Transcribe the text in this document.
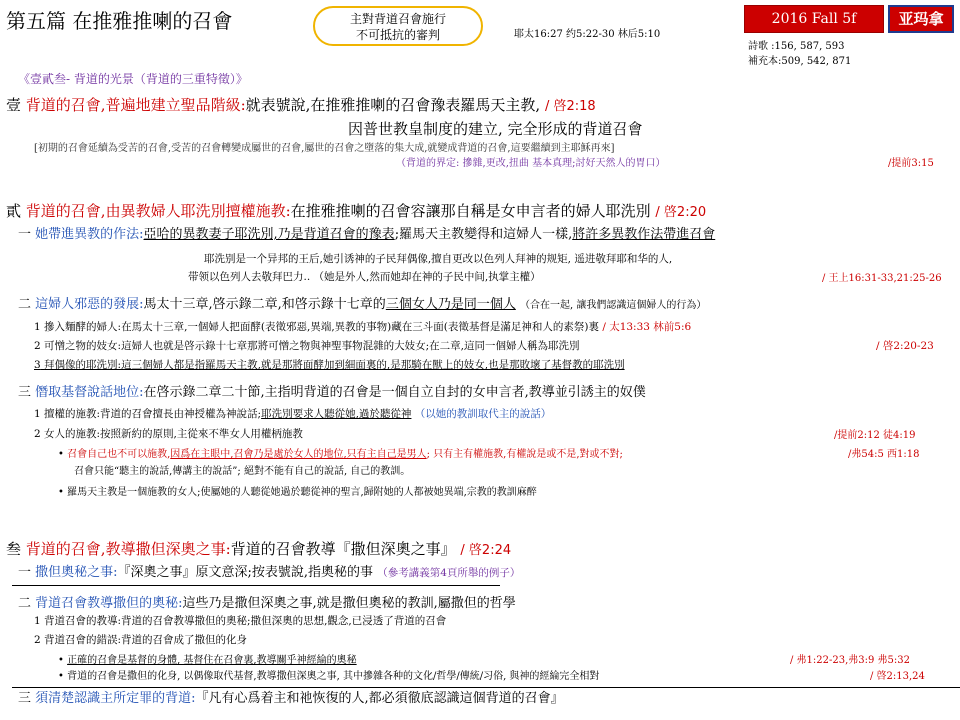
第五篇 在推雅推喇的召會	主對背道召會施行
不可抵抗的審判	耶太16:27 约5:22-30 林后5:10
2016 Fall 5f	亚玛拿
詩歌 :156, 587, 593
補充本:509, 542, 871
《壹貳叁- 背道的光景（背道的三重特徵）》
壹 背道的召會,普遍地建立聖品階級:就表號說,在推雅推喇的召會豫表羅馬天主教, / 啓2:18
因普世教皇制度的建立, 完全形成的背道召會
[初期的召會延續為受苦的召會,受苦的召會轉變成屬世的召會,屬世的召會之墮落的集大成,就變成背道的召會,這要繼續到主耶穌再來]
（背道的界定: 摻雜,更改,扭曲 基本真理;討好天然人的胃口）	/提前3:15
貳 背道的召會,由異教婦人耶洗別擅權施教:在推雅推喇的召會容讓那自稱是女申言者的婦人耶洗別 / 啓2:20
一 她帶進異教的作法:亞哈的異教妻子耶洗別,乃是背道召會的豫表;羅馬天主教變得和這婦人一樣,將許多異教作法帶進召會
耶洗别是一个异邦的王后,她引诱神的子民拜偶像,擅自更改以色列人拜神的规矩, 遥进敬拜耶和华的人,
带领以色列人去敬拜巴力.. （她是外人,然而她却在神的子民中间,执掌主權）	/ 王上16:31-33,21:25-26
二 這婦人邪惡的發展:馬太十三章,啓示錄二章,和啓示錄十七章的三個女人乃是同一個人 （合在一起, 讓我們認識這個婦人的行為）
1 摻入麵酵的婦人:在馬太十三章,一個婦人把面酵(表徵邪惡,異端,異教的事物)藏在三斗面(表徵基督是滿足神和人的素祭)裏 / 太13:33 林前5:6
2 可憎之物的妓女:這婦人也就是啓示錄十七章那將可憎之物與神聖事物混雜的大妓女;在二章,這同一個婦人稱為耶洗別	/ 啓2:20-23
3 拜偶像的耶洗別:這三個婦人都是指羅馬天主教,就是那將面酵加到細面裏的,是那騎在獸上的妓女,也是那敗壞了基督教的耶洗別
三 僭取基督說話地位:在啓示錄二章二十節,主指明背道的召會是一個自立自封的女申言者,教導並引誘主的奴僕
1 擅權的施教:背道的召會擅長由神授權為神說話;耶洗別要求人聽從她,過於聽從神 （以她的教訓取代主的說話）
2 女人的施教:按照新約的原則,主從來不準女人用權柄施教	/提前2:12 徒4:19
• 召會自己也不可以施教,因爲在主眼中,召會乃是處於女人的地位,只有主自己是男人; 只有主有權施教,有權說是或不是,對或不對;	/弗54:5 西1:18
召會只能“聽主的說話,傳講主的說話”; 絕對不能有自己的說話, 自己的教訓。
• 羅馬天主教是一個施教的女人;使屬她的人聽從她過於聽從神的聖言,歸附她的人都被她異端,宗教的教訓麻醉
叁 背道的召會,教導撒但深奧之事:背道的召會教導『撒但深奧之事』 / 啓2:24
一 撒但奧秘之事:『深奧之事』原文意深;按表號說,指奧秘的事 （參考講義第4頁所舉的例子）
二 背道召會教導撒但的奧秘:這些乃是撒但深奧之事,就是撒但奧秘的教訓,屬撒但的哲學
1 背道召會的教導:背道的召會教導撒但的奧秘;撒但深奧的思想,觀念,已浸透了背道的召會
2 背道召會的錯誤:背道的召會成了撒但的化身
• 正確的召會是基督的身體, 基督住在召會裏,教導關乎神經綸的奧秘	/ 弗1:22-23,弗3:9 弗5:32
• 背道的召會是撒但的化身, 以偶像取代基督,教導撒但深奧之事, 其中摻雜各种的文化/哲學/傳統/习俗, 與神的經綸完全相對	/ 啓2:13,24
三 須清楚認識主所定罪的背道:『凡有心爲着主和祂恢復的人,都必須徹底認識這個背道的召會』
